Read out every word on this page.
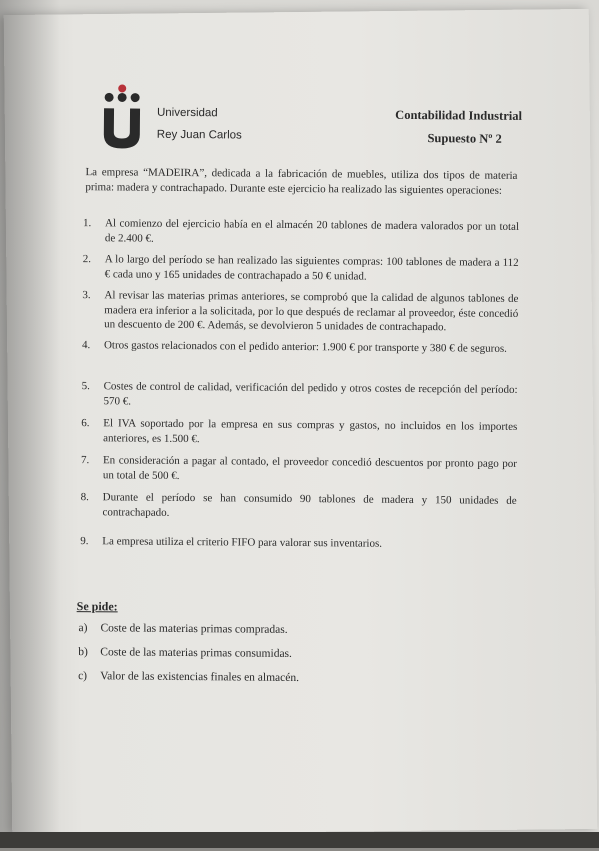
Universidad
Rey Juan Carlos
Contabilidad Industrial
Supuesto Nº 2
La empresa “MADEIRA”, dedicada a la fabricación de muebles, utiliza dos tipos de materia prima: madera y contrachapado. Durante este ejercicio ha realizado las siguientes operaciones:
1. Al comienzo del ejercicio había en el almacén 20 tablones de madera valorados por un total de 2.400 €.
2. A lo largo del período se han realizado las siguientes compras: 100 tablones de madera a 112 € cada uno y 165 unidades de contrachapado a 50 € unidad.
3. Al revisar las materias primas anteriores, se comprobó que la calidad de algunos tablones de madera era inferior a la solicitada, por lo que después de reclamar al proveedor, éste concedió un descuento de 200 €. Además, se devolvieron 5 unidades de contrachapado.
4. Otros gastos relacionados con el pedido anterior: 1.900 € por transporte y 380 € de seguros.
5. Costes de control de calidad, verificación del pedido y otros costes de recepción del período: 570 €.
6. El IVA soportado por la empresa en sus compras y gastos, no incluidos en los importes anteriores, es 1.500 €.
7. En consideración a pagar al contado, el proveedor concedió descuentos por pronto pago por un total de 500 €.
8. Durante el período se han consumido 90 tablones de madera y 150 unidades de contrachapado.
9. La empresa utiliza el criterio FIFO para valorar sus inventarios.
Se pide:
a) Coste de las materias primas compradas.
b) Coste de las materias primas consumidas.
c) Valor de las existencias finales en almacén.
